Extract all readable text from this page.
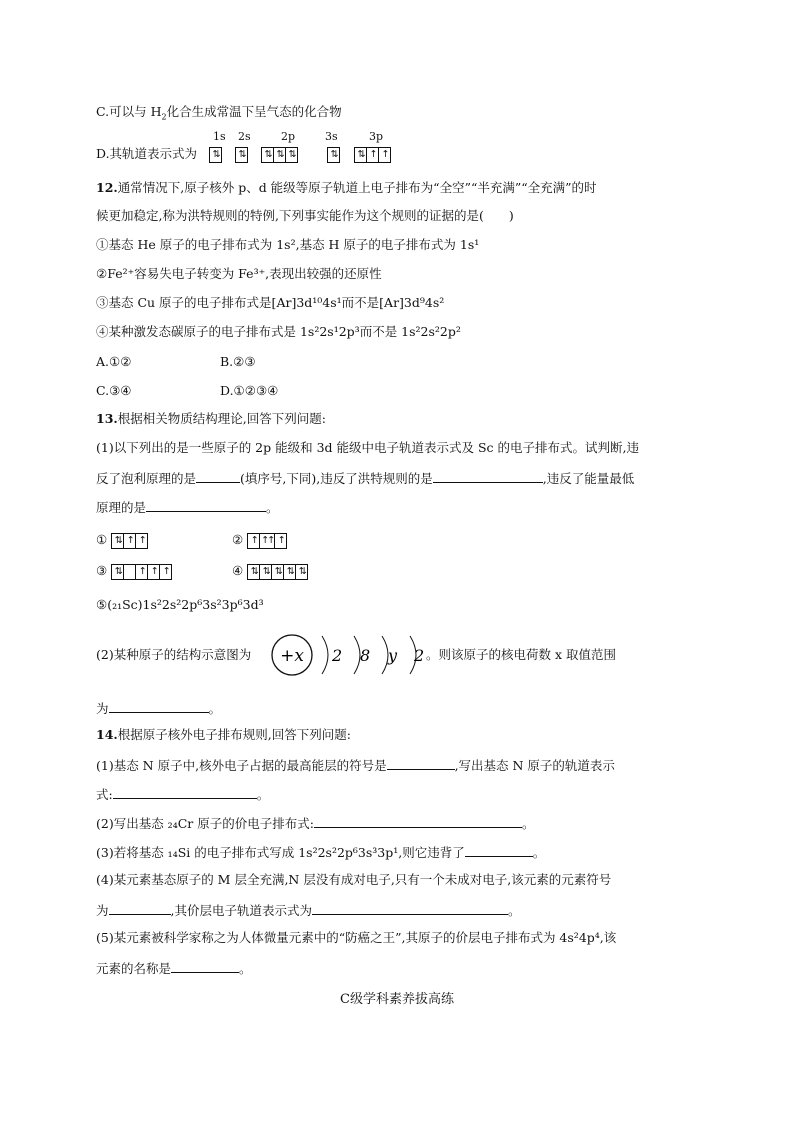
C.可以与 $H_2$化合生成常温下呈气态的化合物
1s 2s	2p	3s	3p
D.其轨道表示式为 ⇅ ⇅ ⇅ ⇅ ⇅	⇅ ⇅ ↑ ↑
12.通常情况下,原子核外 p、d 能级等原子轨道上电子排布为“全空”“半充满”“全充满”的时
候更加稳定,称为洪特规则的特例,下列事实能作为这个规则的证据的是(　　)
①基态 He 原子的电子排布式为 1s²,基态 H 原子的电子排布式为 1s¹
②Fe²⁺容易失电子转变为 Fe³⁺,表现出较强的还原性
③基态 Cu 原子的电子排布式是[Ar]3d¹⁰4s¹而不是[Ar]3d⁹4s²
④某种激发态碳原子的电子排布式是 1s²2s¹2p³而不是 1s²2s²2p²
A.①②	B.②③
C.③④	D.①②③④
13.根据相关物质结构理论,回答下列问题:
(1)以下列出的是一些原子的 2p 能级和 3d 能级中电子轨道表示式及 Sc 的电子排布式。试判断,违
反了泡利原理的是	(填序号,下同),违反了洪特规则的是	,违反了能量最低
原理的是	。
① ⇅ ↑ ↑	② ↑ ↑↑ ↑
③ ⇅	↑ ↑ ↑	④ ⇅ ⇅ ⇅ ⇅ ⇅
⑤(₂₁Sc)1s²2s²2p⁶3s²3p⁶3d³
(2)某种原子的结构示意图为	。则该原子的核电荷数 x 取值范围
+x 2 8 y 2
为	。
14.根据原子核外电子排布规则,回答下列问题:
(1)基态 N 原子中,核外电子占据的最高能层的符号是	,写出基态 N 原子的轨道表示
式:	。
(2)写出基态 ₂₄Cr 原子的价电子排布式:	。
(3)若将基态 ₁₄Si 的电子排布式写成 1s²2s²2p⁶3s³3p¹,则它违背了	。
(4)某元素基态原子的 M 层全充满,N 层没有成对电子,只有一个未成对电子,该元素的元素符号
为	,其价层电子轨道表示式为	。
(5)某元素被科学家称之为人体微量元素中的“防癌之王”,其原子的价层电子排布式为 4s²4p⁴,该
元素的名称是	。
C级学科素养拔高练
